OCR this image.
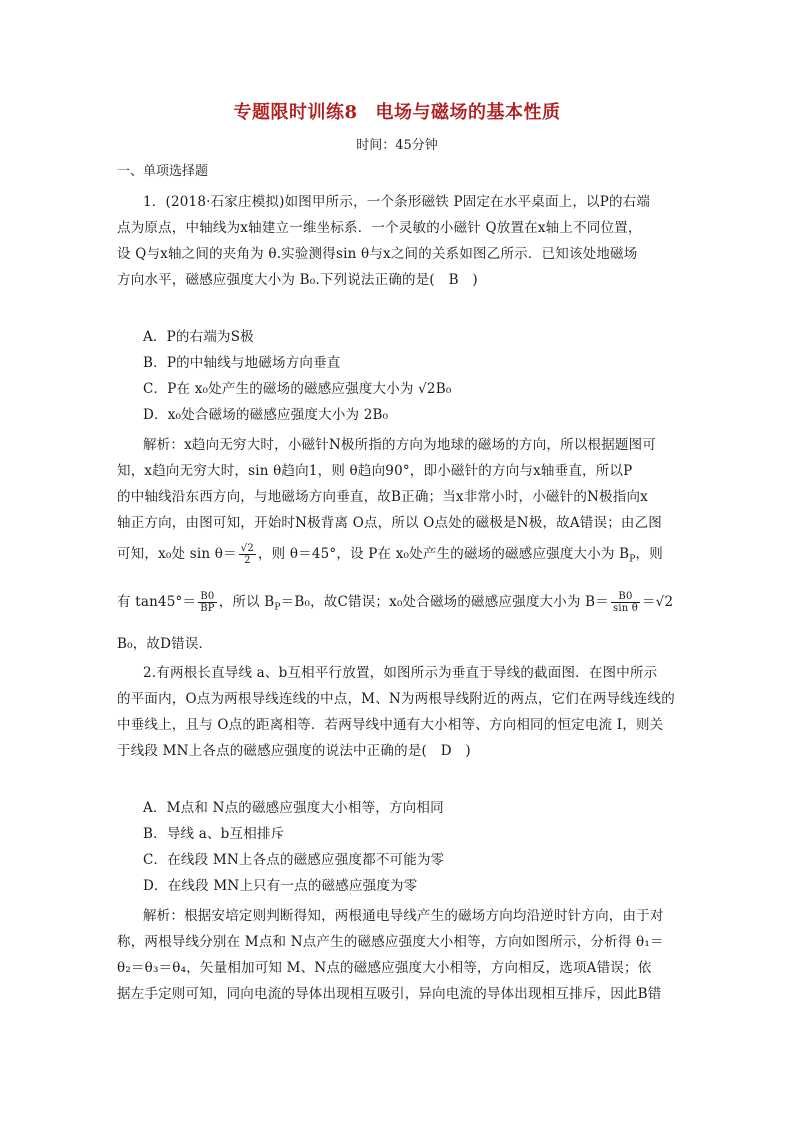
专题限时训练8 电场与磁场的基本性质
时间：45分钟
一、单项选择题
1．(2018·石家庄模拟)如图甲所示，一个条形磁铁 P固定在水平桌面上，以P的右端
点为原点，中轴线为x轴建立一维坐标系．一个灵敏的小磁针 Q放置在x轴上不同位置，
设 Q与x轴之间的夹角为 θ.实验测得sin θ与x之间的关系如图乙所示．已知该处地磁场
方向水平，磁感应强度大小为 B₀.下列说法正确的是(　B　)
A．P的右端为S极
B．P的中轴线与地磁场方向垂直
C．P在 x₀处产生的磁场的磁感应强度大小为 √2B₀
D．x₀处合磁场的磁感应强度大小为 2B₀
解析：x趋向无穷大时，小磁针N极所指的方向为地球的磁场的方向，所以根据题图可
知，x趋向无穷大时，sin θ趋向1，则 θ趋向90°，即小磁针的方向与x轴垂直，所以P
的中轴线沿东西方向，与地磁场方向垂直，故B正确；当x非常小时，小磁针的N极指向x
轴正方向，由图可知，开始时N极背离 O点，所以 O点处的磁极是N极，故A错误；由乙图
可知，x₀处 $\sin \theta= \frac{√2}{2}$ ，则 θ＝45°，设 P在 x₀处产生的磁场的磁感应强度大小为 $B_P$，则
有 $\tan 45^\circ= \frac{B0}{BP}$ ，所以 $B_P=B_0$，故C错误；x₀处合磁场的磁感应强度大小为 $B= \frac{B0}{\text{sin θ}} =√2$
B₀，故D错误．
2.有两根长直导线 a、b互相平行放置，如图所示为垂直于导线的截面图．在图中所示
的平面内，O点为两根导线连线的中点，M、N为两根导线附近的两点，它们在两导线连线的
中垂线上，且与 O点的距离相等．若两导线中通有大小相等、方向相同的恒定电流 I，则关
于线段 MN上各点的磁感应强度的说法中正确的是(　D　)
A．M点和 N点的磁感应强度大小相等，方向相同
B．导线 a、b互相排斥
C．在线段 MN上各点的磁感应强度都不可能为零
D．在线段 MN上只有一点的磁感应强度为零
解析：根据安培定则判断得知，两根通电导线产生的磁场方向均沿逆时针方向，由于对
称，两根导线分别在 M点和 N点产生的磁感应强度大小相等，方向如图所示，分析得 θ₁＝
θ₂＝θ₃＝θ₄，矢量相加可知 M、N点的磁感应强度大小相等，方向相反，选项A错误；依
据左手定则可知，同向电流的导体出现相互吸引，异向电流的导体出现相互排斥，因此B错
